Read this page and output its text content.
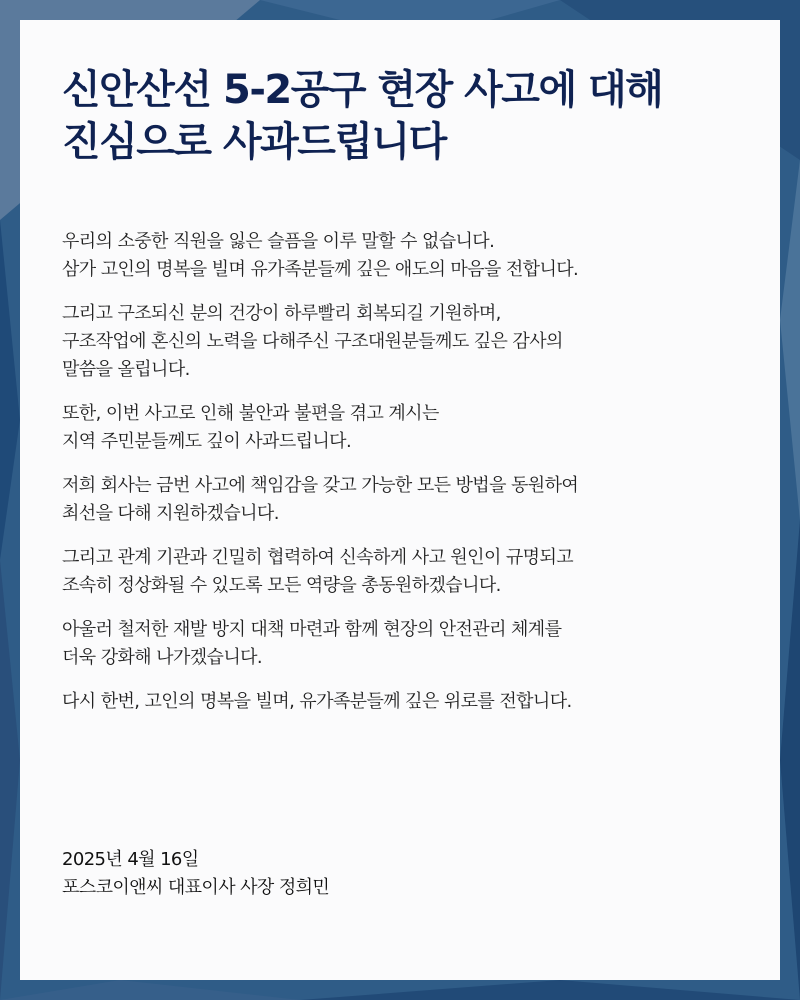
신안산선 5-2공구 현장 사고에 대해
진심으로 사과드립니다
우리의 소중한 직원을 잃은 슬픔을 이루 말할 수 없습니다.
삼가 고인의 명복을 빌며 유가족분들께 깊은 애도의 마음을 전합니다.
그리고 구조되신 분의 건강이 하루빨리 회복되길 기원하며,
구조작업에 혼신의 노력을 다해주신 구조대원분들께도 깊은 감사의
말씀을 올립니다.
또한, 이번 사고로 인해 불안과 불편을 겪고 계시는
지역 주민분들께도 깊이 사과드립니다.
저희 회사는 금번 사고에 책임감을 갖고 가능한 모든 방법을 동원하여
최선을 다해 지원하겠습니다.
그리고 관계 기관과 긴밀히 협력하여 신속하게 사고 원인이 규명되고
조속히 정상화될 수 있도록 모든 역량을 총동원하겠습니다.
아울러 철저한 재발 방지 대책 마련과 함께 현장의 안전관리 체계를
더욱 강화해 나가겠습니다.
다시 한번, 고인의 명복을 빌며, 유가족분들께 깊은 위로를 전합니다.
2025년 4월 16일
포스코이앤씨 대표이사 사장 정희민
